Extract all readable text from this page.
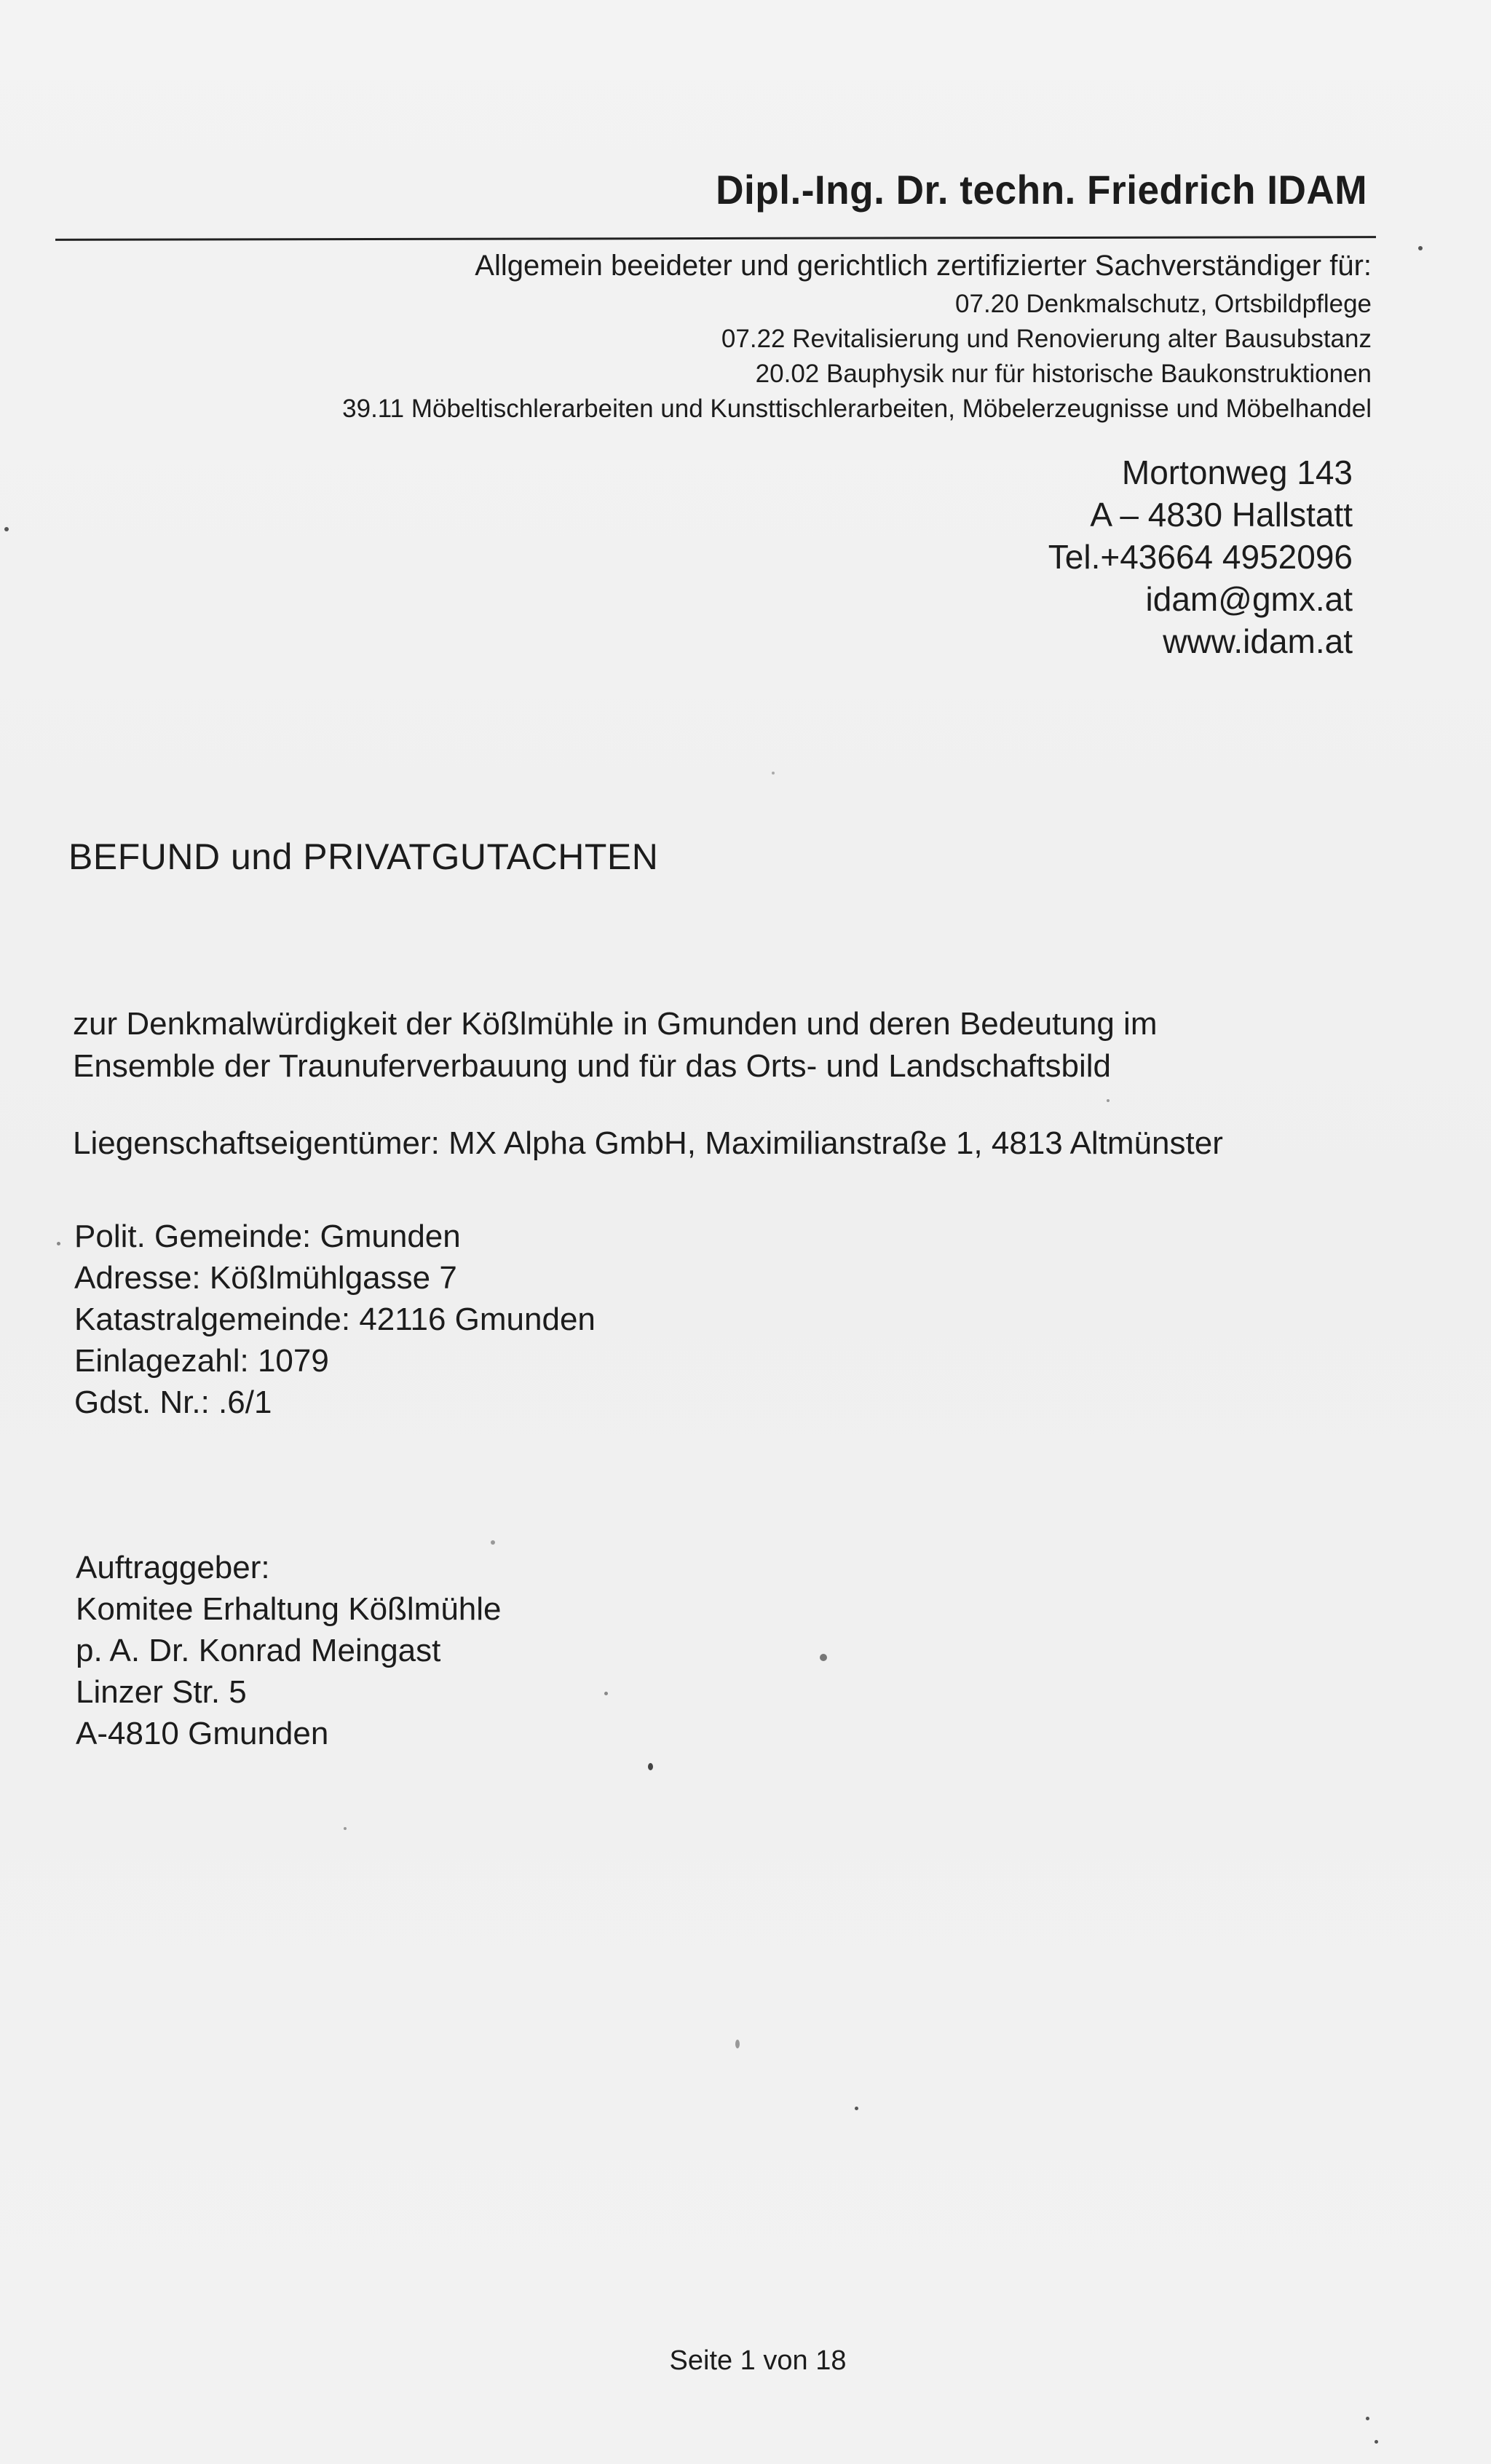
Dipl.-Ing. Dr. techn. Friedrich IDAM
Allgemein beeideter und gerichtlich zertifizierter Sachverständiger für:
07.20 Denkmalschutz, Ortsbildpflege
07.22 Revitalisierung und Renovierung alter Bausubstanz
20.02 Bauphysik nur für historische Baukonstruktionen
39.11 Möbeltischlerarbeiten und Kunsttischlerarbeiten, Möbelerzeugnisse und Möbelhandel
Mortonweg 143
A – 4830 Hallstatt
Tel.+43664 4952096
idam@gmx.at
www.idam.at
BEFUND und PRIVATGUTACHTEN
zur Denkmalwürdigkeit der Kößlmühle in Gmunden und deren Bedeutung im
Ensemble der Traunuferverbauung und für das Orts- und Landschaftsbild
Liegenschaftseigentümer: MX Alpha GmbH, Maximilianstraße 1, 4813 Altmünster
Polit. Gemeinde: Gmunden
Adresse: Kößlmühlgasse 7
Katastralgemeinde: 42116 Gmunden
Einlagezahl: 1079
Gdst. Nr.: .6/1
Auftraggeber:
Komitee Erhaltung Kößlmühle
p. A. Dr. Konrad Meingast
Linzer Str. 5
A-4810 Gmunden
Seite 1 von 18
